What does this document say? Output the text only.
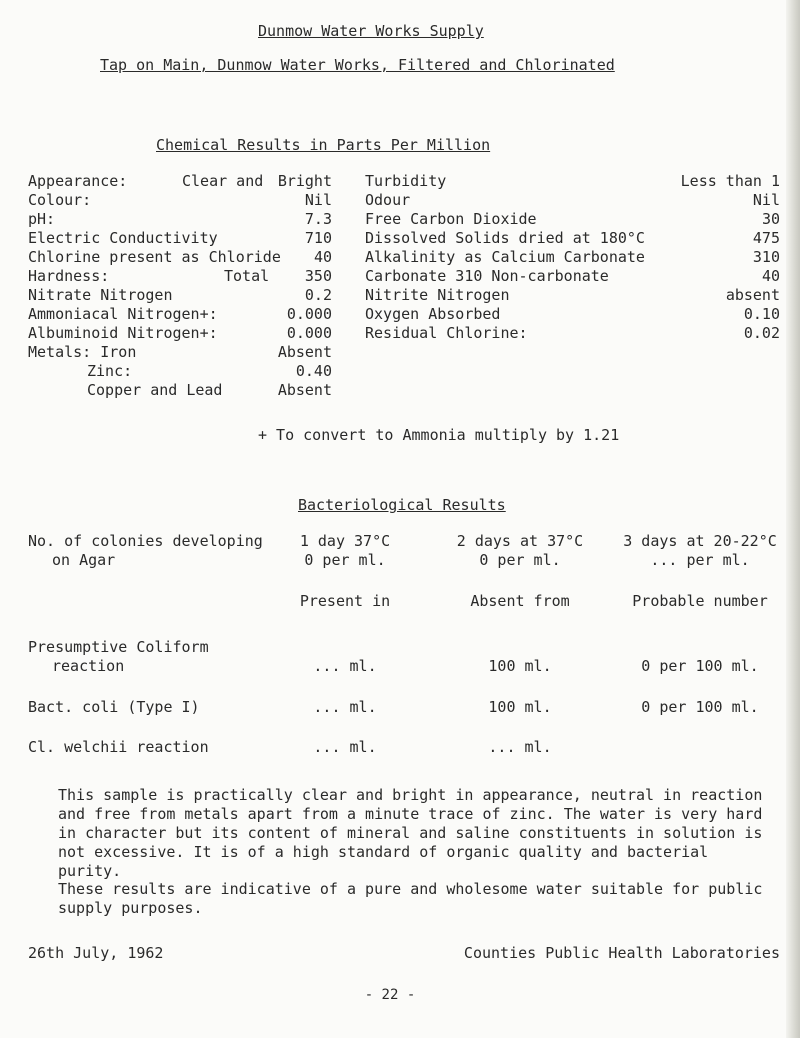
Dunmow Water Works Supply
Tap on Main, Dunmow Water Works, Filtered and Chlorinated
Chemical Results in Parts Per Million
Appearance:	Clear and Bright
Colour:	Nil
pH:	7.3
Electric Conductivity	710
Chlorine present as Chloride	40
Hardness:	Total	350
Nitrate Nitrogen	0.2
Ammoniacal Nitrogen+:	0.000
Albuminoid Nitrogen+:	0.000
Metals: Iron	Absent
Zinc:	0.40
Copper and Lead	Absent
Turbidity	Less than 1
Odour	Nil
Free Carbon Dioxide	30
Dissolved Solids dried at 180°C	475
Alkalinity as Calcium Carbonate	310
Carbonate 310 Non-carbonate	40
Nitrite Nitrogen	absent
Oxygen Absorbed	0.10
Residual Chlorine:	0.02
+ To convert to Ammonia multiply by 1.21
Bacteriological Results
No. of colonies developing
on Agar
1 day 37°C	2 days at 37°C	3 days at 20-22°C
0 per ml.	0 per ml.	... per ml.
Present in	Absent from	Probable number
Presumptive Coliform
reaction	... ml.	100 ml.	0 per 100 ml.
Bact. coli (Type I)	... ml.	100 ml.	0 per 100 ml.
Cl. welchii reaction	... ml.	... ml.
This sample is practically clear and bright in appearance, neutral in reaction and free from metals apart from a minute trace of zinc. The water is very hard in character but its content of mineral and saline constituents in solution is not excessive. It is of a high standard of organic quality and bacterial purity.
These results are indicative of a pure and wholesome water suitable for public supply purposes.
26th July, 1962	Counties Public Health Laboratories
- 22 -
